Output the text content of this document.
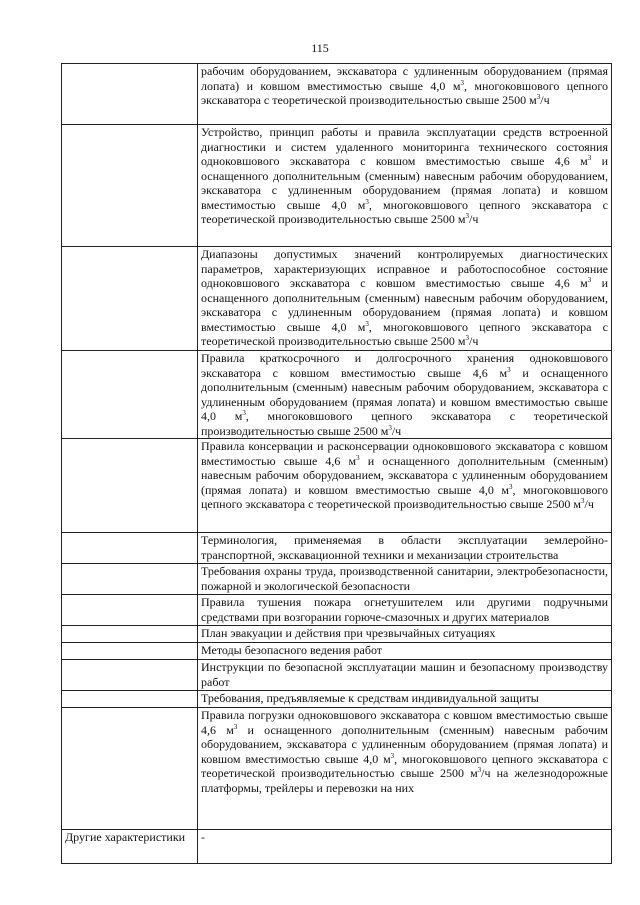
115
	рабочим оборудованием, экскаватора с удлиненным оборудованием (прямая лопата) и ковшом вместимостью свыше 4,0 $м^3$, многоковшового цепного экскаватора с теоретической производительностью свыше 2500 $м^3/ч$
	Устройство, принцип работы и правила эксплуатации средств встроенной диагностики и систем удаленного мониторинга технического состояния одноковшового экскаватора с ковшом вместимостью свыше 4,6 $м^3$ и оснащенного дополнительным (сменным) навесным рабочим оборудованием, экскаватора с удлиненным оборудованием (прямая лопата) и ковшом вместимостью свыше 4,0 $м^3$, многоковшового цепного экскаватора с теоретической производительностью свыше 2500 $м^3/ч$
	Диапазоны допустимых значений контролируемых диагностических параметров, характеризующих исправное и работоспособное состояние одноковшового экскаватора с ковшом вместимостью свыше 4,6 $м^3$ и оснащенного дополнительным (сменным) навесным рабочим оборудованием, экскаватора с удлиненным оборудованием (прямая лопата) и ковшом вместимостью свыше 4,0 $м^3$, многоковшового цепного экскаватора с теоретической производительностью свыше 2500 $м^3/ч$
	Правила краткосрочного и долгосрочного хранения одноковшового экскаватора с ковшом вместимостью свыше 4,6 $м^3$ и оснащенного дополнительным (сменным) навесным рабочим оборудованием, экскаватора с удлиненным оборудованием (прямая лопата) и ковшом вместимостью свыше 4,0 $м^3$, многоковшового цепного экскаватора с теоретической производительностью свыше 2500 $м^3/ч$
	Правила консервации и расконсервации одноковшового экскаватора с ковшом вместимостью свыше 4,6 $м^3$ и оснащенного дополнительным (сменным) навесным рабочим оборудованием, экскаватора с удлиненным оборудованием (прямая лопата) и ковшом вместимостью свыше 4,0 $м^3$, многоковшового цепного экскаватора с теоретической производительностью свыше 2500 $м^3/ч$
	Терминология, применяемая в области эксплуатации землеройно-транспортной, экскавационной техники и механизации строительства
	Требования охраны труда, производственной санитарии, электробезопасности, пожарной и экологической безопасности
	Правила тушения пожара огнетушителем или другими подручными средствами при возгорании горюче-смазочных и других материалов
	План эвакуации и действия при чрезвычайных ситуациях
	Методы безопасного ведения работ
	Инструкции по безопасной эксплуатации машин и безопасному производству работ
	Требования, предъявляемые к средствам индивидуальной защиты
	Правила погрузки одноковшового экскаватора с ковшом вместимостью свыше 4,6 $м^3$ и оснащенного дополнительным (сменным) навесным рабочим оборудованием, экскаватора с удлиненным оборудованием (прямая лопата) и ковшом вместимостью свыше 4,0 $м^3$, многоковшового цепного экскаватора с теоретической производительностью свыше 2500 $м^3/ч$ на железнодорожные платформы, трейлеры и перевозки на них
Другие характеристики	-
